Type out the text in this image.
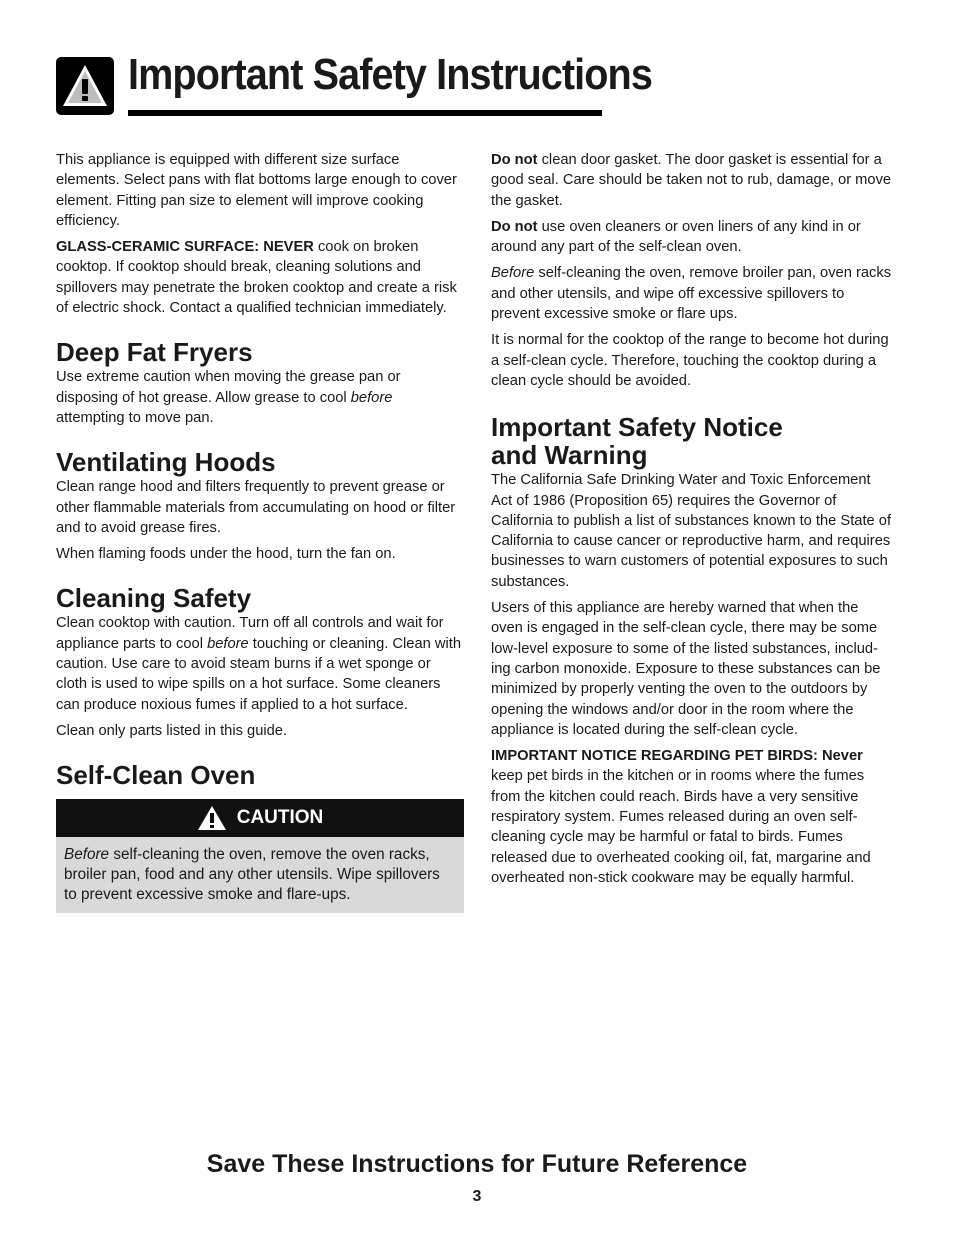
Important Safety Instructions

This appliance is equipped with different size surface elements. Select pans with flat bottoms large enough to cover element. Fitting pan size to element will improve cooking efficiency.

GLASS-CERAMIC SURFACE: NEVER cook on broken cooktop. If cooktop should break, cleaning solutions and spillovers may penetrate the broken cooktop and create a risk of electric shock. Contact a qualified technician immediately.

Deep Fat Fryers

Use extreme caution when moving the grease pan or disposing of hot grease. Allow grease to cool before attempting to move pan.

Ventilating Hoods

Clean range hood and filters frequently to prevent grease or other flammable materials from accumulating on hood or filter and to avoid grease fires.

When flaming foods under the hood, turn the fan on.

Cleaning Safety

Clean cooktop with caution. Turn off all controls and wait for appliance parts to cool before touching or cleaning. Clean with caution. Use care to avoid steam burns if a wet sponge or cloth is used to wipe spills on a hot surface. Some cleaners can produce noxious fumes if applied to a hot surface.

Clean only parts listed in this guide.

Self-Clean Oven
CAUTION
Before self-cleaning the oven, remove the oven racks, broiler pan, food and any other utensils. Wipe spillovers to prevent excessive smoke and flare-ups.

Do not clean door gasket. The door gasket is essential for a good seal. Care should be taken not to rub, damage, or move the gasket.

Do not use oven cleaners or oven liners of any kind in or around any part of the self-clean oven.

Before self-cleaning the oven, remove broiler pan, oven racks and other utensils, and wipe off excessive spillovers to prevent excessive smoke or flare ups.

It is normal for the cooktop of the range to become hot during a self-clean cycle. Therefore, touching the cooktop during a clean cycle should be avoided.

Important Safety Notice
and Warning

The California Safe Drinking Water and Toxic Enforcement Act of 1986 (Proposition 65) requires the Governor of California to publish a list of substances known to the State of California to cause cancer or reproductive harm, and requires businesses to warn customers of potential exposures to such substances.

Users of this appliance are hereby warned that when the oven is engaged in the self-clean cycle, there may be some low-level exposure to some of the listed substances, includ-ing carbon monoxide. Exposure to these substances can be minimized by properly venting the oven to the outdoors by opening the windows and/or door in the room where the appliance is located during the self-clean cycle.

IMPORTANT NOTICE REGARDING PET BIRDS: Never keep pet birds in the kitchen or in rooms where the fumes from the kitchen could reach. Birds have a very sensitive respiratory system. Fumes released during an oven self-cleaning cycle may be harmful or fatal to birds. Fumes released due to overheated cooking oil, fat, margarine and overheated non-stick cookware may be equally harmful.

Save These Instructions for Future Reference
3
